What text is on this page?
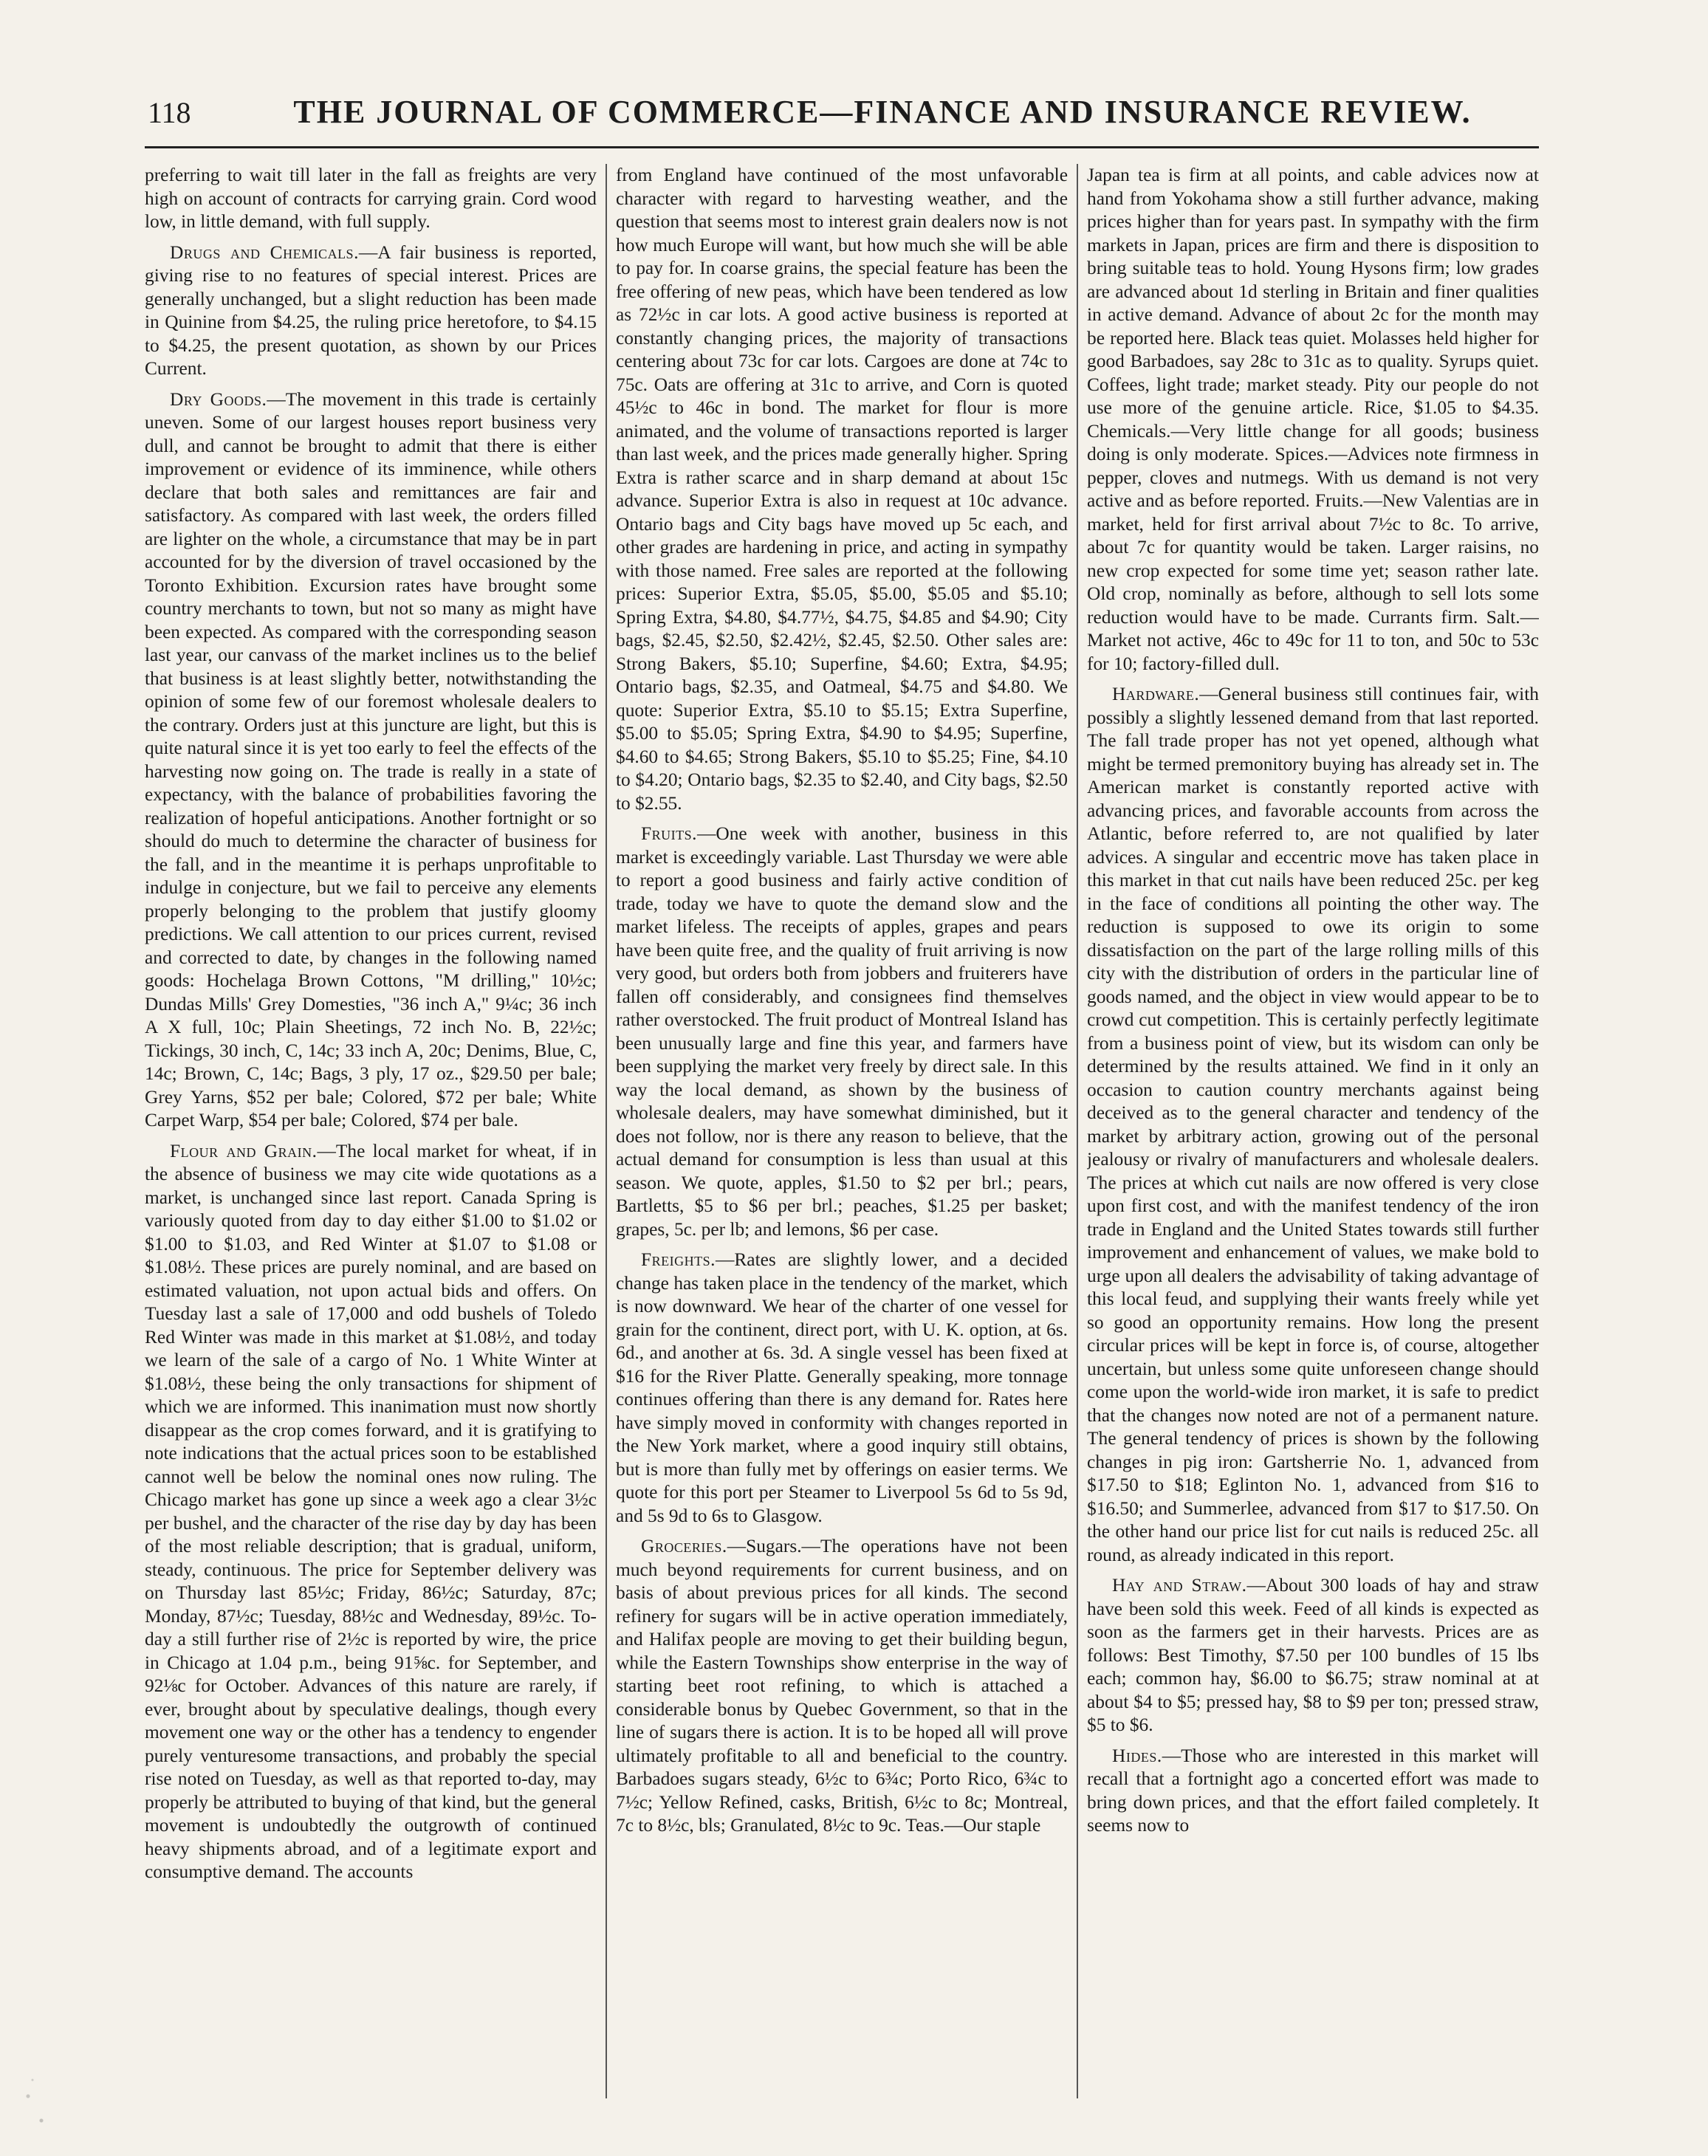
118	THE JOURNAL OF COMMERCE—FINANCE AND INSURANCE REVIEW.

preferring to wait till later in the fall as freights are very high on account of contracts for carrying grain. Cord wood low, in little demand, with full supply.

Drugs and Chemicals.—A fair business is reported, giving rise to no features of special interest. Prices are generally unchanged, but a slight reduction has been made in Quinine from $4.25, the ruling price heretofore, to $4.15 to $4.25, the present quotation, as shown by our Prices Current.

Dry Goods.—The movement in this trade is certainly uneven. Some of our largest houses report business very dull, and cannot be brought to admit that there is either improvement or evidence of its imminence, while others declare that both sales and remittances are fair and satisfactory. As compared with last week, the orders filled are lighter on the whole, a circumstance that may be in part accounted for by the diversion of travel occasioned by the Toronto Exhibition. Excursion rates have brought some country merchants to town, but not so many as might have been expected. As compared with the corresponding season last year, our canvass of the market inclines us to the belief that business is at least slightly better, notwithstanding the opinion of some few of our foremost wholesale dealers to the contrary. Orders just at this juncture are light, but this is quite natural since it is yet too early to feel the effects of the harvesting now going on. The trade is really in a state of expectancy, with the balance of probabilities favoring the realization of hopeful anticipations. Another fortnight or so should do much to determine the character of business for the fall, and in the meantime it is perhaps unprofitable to indulge in conjecture, but we fail to perceive any elements properly belonging to the problem that justify gloomy predictions. We call attention to our prices current, revised and corrected to date, by changes in the following named goods: Hochelaga Brown Cottons, "M drilling," 10½c; Dundas Mills' Grey Domesties, "36 inch A," 9¼c; 36 inch A X full, 10c; Plain Sheetings, 72 inch No. B, 22½c; Tickings, 30 inch, C, 14c; 33 inch A, 20c; Denims, Blue, C, 14c; Brown, C, 14c; Bags, 3 ply, 17 oz., $29.50 per bale; Grey Yarns, $52 per bale; Colored, $72 per bale; White Carpet Warp, $54 per bale; Colored, $74 per bale.

Flour and Grain.—The local market for wheat, if in the absence of business we may cite wide quotations as a market, is unchanged since last report. Canada Spring is variously quoted from day to day either $1.00 to $1.02 or $1.00 to $1.03, and Red Winter at $1.07 to $1.08 or $1.08½. These prices are purely nominal, and are based on estimated valuation, not upon actual bids and offers. On Tuesday last a sale of 17,000 and odd bushels of Toledo Red Winter was made in this market at $1.08½, and today we learn of the sale of a cargo of No. 1 White Winter at $1.08½, these being the only transactions for shipment of which we are informed. This inanimation must now shortly disappear as the crop comes forward, and it is gratifying to note indications that the actual prices soon to be established cannot well be below the nominal ones now ruling. The Chicago market has gone up since a week ago a clear 3½c per bushel, and the character of the rise day by day has been of the most reliable description; that is gradual, uniform, steady, continuous. The price for September delivery was on Thursday last 85½c; Friday, 86½c; Saturday, 87c; Monday, 87½c; Tuesday, 88½c and Wednesday, 89½c. To-day a still further rise of 2½c is reported by wire, the price in Chicago at 1.04 p.m., being 91⅝c. for September, and 92⅛c for October. Advances of this nature are rarely, if ever, brought about by speculative dealings, though every movement one way or the other has a tendency to engender purely venturesome transactions, and probably the special rise noted on Tuesday, as well as that reported to-day, may properly be attributed to buying of that kind, but the general movement is undoubtedly the outgrowth of continued heavy shipments abroad, and of a legitimate export and consumptive demand. The accounts

from England have continued of the most unfavorable character with regard to harvesting weather, and the question that seems most to interest grain dealers now is not how much Europe will want, but how much she will be able to pay for. In coarse grains, the special feature has been the free offering of new peas, which have been tendered as low as 72½c in car lots. A good active business is reported at constantly changing prices, the majority of transactions centering about 73c for car lots. Cargoes are done at 74c to 75c. Oats are offering at 31c to arrive, and Corn is quoted 45½c to 46c in bond. The market for flour is more animated, and the volume of transactions reported is larger than last week, and the prices made generally higher. Spring Extra is rather scarce and in sharp demand at about 15c advance. Superior Extra is also in request at 10c advance. Ontario bags and City bags have moved up 5c each, and other grades are hardening in price, and acting in sympathy with those named. Free sales are reported at the following prices: Superior Extra, $5.05, $5.00, $5.05 and $5.10; Spring Extra, $4.80, $4.77½, $4.75, $4.85 and $4.90; City bags, $2.45, $2.50, $2.42½, $2.45, $2.50. Other sales are: Strong Bakers, $5.10; Superfine, $4.60; Extra, $4.95; Ontario bags, $2.35, and Oatmeal, $4.75 and $4.80. We quote: Superior Extra, $5.10 to $5.15; Extra Superfine, $5.00 to $5.05; Spring Extra, $4.90 to $4.95; Superfine, $4.60 to $4.65; Strong Bakers, $5.10 to $5.25; Fine, $4.10 to $4.20; Ontario bags, $2.35 to $2.40, and City bags, $2.50 to $2.55.

Fruits.—One week with another, business in this market is exceedingly variable. Last Thursday we were able to report a good business and fairly active condition of trade, today we have to quote the demand slow and the market lifeless. The receipts of apples, grapes and pears have been quite free, and the quality of fruit arriving is now very good, but orders both from jobbers and fruiterers have fallen off considerably, and consignees find themselves rather overstocked. The fruit product of Montreal Island has been unusually large and fine this year, and farmers have been supplying the market very freely by direct sale. In this way the local demand, as shown by the business of wholesale dealers, may have somewhat diminished, but it does not follow, nor is there any reason to believe, that the actual demand for consumption is less than usual at this season. We quote, apples, $1.50 to $2 per brl.; pears, Bartletts, $5 to $6 per brl.; peaches, $1.25 per basket; grapes, 5c. per lb; and lemons, $6 per case.

Freights.—Rates are slightly lower, and a decided change has taken place in the tendency of the market, which is now downward. We hear of the charter of one vessel for grain for the continent, direct port, with U. K. option, at 6s. 6d., and another at 6s. 3d. A single vessel has been fixed at $16 for the River Platte. Generally speaking, more tonnage continues offering than there is any demand for. Rates here have simply moved in conformity with changes reported in the New York market, where a good inquiry still obtains, but is more than fully met by offerings on easier terms. We quote for this port per Steamer to Liverpool 5s 6d to 5s 9d, and 5s 9d to 6s to Glasgow.

Groceries.—Sugars.—The operations have not been much beyond requirements for current business, and on basis of about previous prices for all kinds. The second refinery for sugars will be in active operation immediately, and Halifax people are moving to get their building begun, while the Eastern Townships show enterprise in the way of starting beet root refining, to which is attached a considerable bonus by Quebec Government, so that in the line of sugars there is action. It is to be hoped all will prove ultimately profitable to all and beneficial to the country. Barbadoes sugars steady, 6½c to 6¾c; Porto Rico, 6¾c to 7½c; Yellow Refined, casks, British, 6½c to 8c; Montreal, 7c to 8½c, bls; Granulated, 8½c to 9c. Teas.—Our staple

Japan tea is firm at all points, and cable advices now at hand from Yokohama show a still further advance, making prices higher than for years past. In sympathy with the firm markets in Japan, prices are firm and there is disposition to bring suitable teas to hold. Young Hysons firm; low grades are advanced about 1d sterling in Britain and finer qualities in active demand. Advance of about 2c for the month may be reported here. Black teas quiet. Molasses held higher for good Barbadoes, say 28c to 31c as to quality. Syrups quiet. Coffees, light trade; market steady. Pity our people do not use more of the genuine article. Rice, $1.05 to $4.35. Chemicals.—Very little change for all goods; business doing is only moderate. Spices.—Advices note firmness in pepper, cloves and nutmegs. With us demand is not very active and as before reported. Fruits.—New Valentias are in market, held for first arrival about 7½c to 8c. To arrive, about 7c for quantity would be taken. Larger raisins, no new crop expected for some time yet; season rather late. Old crop, nominally as before, although to sell lots some reduction would have to be made. Currants firm. Salt.—Market not active, 46c to 49c for 11 to ton, and 50c to 53c for 10; factory-filled dull.

Hardware.—General business still continues fair, with possibly a slightly lessened demand from that last reported. The fall trade proper has not yet opened, although what might be termed premonitory buying has already set in. The American market is constantly reported active with advancing prices, and favorable accounts from across the Atlantic, before referred to, are not qualified by later advices. A singular and eccentric move has taken place in this market in that cut nails have been reduced 25c. per keg in the face of conditions all pointing the other way. The reduction is supposed to owe its origin to some dissatisfaction on the part of the large rolling mills of this city with the distribution of orders in the particular line of goods named, and the object in view would appear to be to crowd cut competition. This is certainly perfectly legitimate from a business point of view, but its wisdom can only be determined by the results attained. We find in it only an occasion to caution country merchants against being deceived as to the general character and tendency of the market by arbitrary action, growing out of the personal jealousy or rivalry of manufacturers and wholesale dealers. The prices at which cut nails are now offered is very close upon first cost, and with the manifest tendency of the iron trade in England and the United States towards still further improvement and enhancement of values, we make bold to urge upon all dealers the advisability of taking advantage of this local feud, and supplying their wants freely while yet so good an opportunity remains. How long the present circular prices will be kept in force is, of course, altogether uncertain, but unless some quite unforeseen change should come upon the world-wide iron market, it is safe to predict that the changes now noted are not of a permanent nature. The general tendency of prices is shown by the following changes in pig iron: Gartsherrie No. 1, advanced from $17.50 to $18; Eglinton No. 1, advanced from $16 to $16.50; and Summerlee, advanced from $17 to $17.50. On the other hand our price list for cut nails is reduced 25c. all round, as already indicated in this report.

Hay and Straw.—About 300 loads of hay and straw have been sold this week. Feed of all kinds is expected as soon as the farmers get in their harvests. Prices are as follows: Best Timothy, $7.50 per 100 bundles of 15 lbs each; common hay, $6.00 to $6.75; straw nominal at at about $4 to $5; pressed hay, $8 to $9 per ton; pressed straw, $5 to $6.

Hides.—Those who are interested in this market will recall that a fortnight ago a concerted effort was made to bring down prices, and that the effort failed completely. It seems now to
